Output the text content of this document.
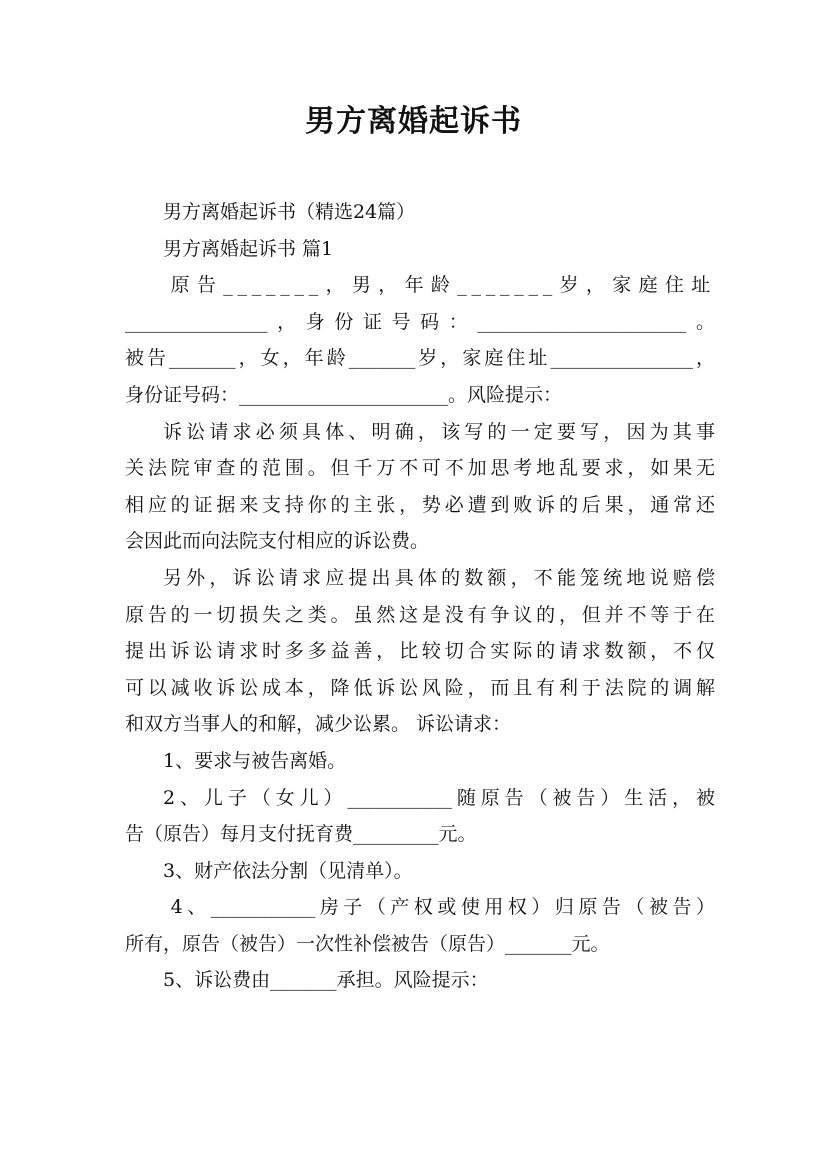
男方离婚起诉书
男方离婚起诉书（精选24篇）
男方离婚起诉书 篇1
原告_______，男，年龄_______岁，家庭住址
_______________，身份证号码：______________________。
被告_______，女，年龄_______岁，家庭住址_______________，
身份证号码：______________________。风险提示：
诉讼请求必须具体、明确，该写的一定要写，因为其事
关法院审查的范围。但千万不可不加思考地乱要求，如果无
相应的证据来支持你的主张，势必遭到败诉的后果，通常还
会因此而向法院支付相应的诉讼费。
另外，诉讼请求应提出具体的数额，不能笼统地说赔偿
原告的一切损失之类。虽然这是没有争议的，但并不等于在
提出诉讼请求时多多益善，比较切合实际的请求数额，不仅
可以减收诉讼成本，降低诉讼风险，而且有利于法院的调解
和双方当事人的和解，减少讼累。 诉讼请求：
1、要求与被告离婚。
2、儿子（女儿）___________随原告（被告）生活，被
告（原告）每月支付抚育费_________元。
3、财产依法分割（见清单）。
4、___________房子（产权或使用权）归原告（被告）
所有，原告（被告）一次性补偿被告（原告）_______元。
5、诉讼费由_______承担。风险提示：
